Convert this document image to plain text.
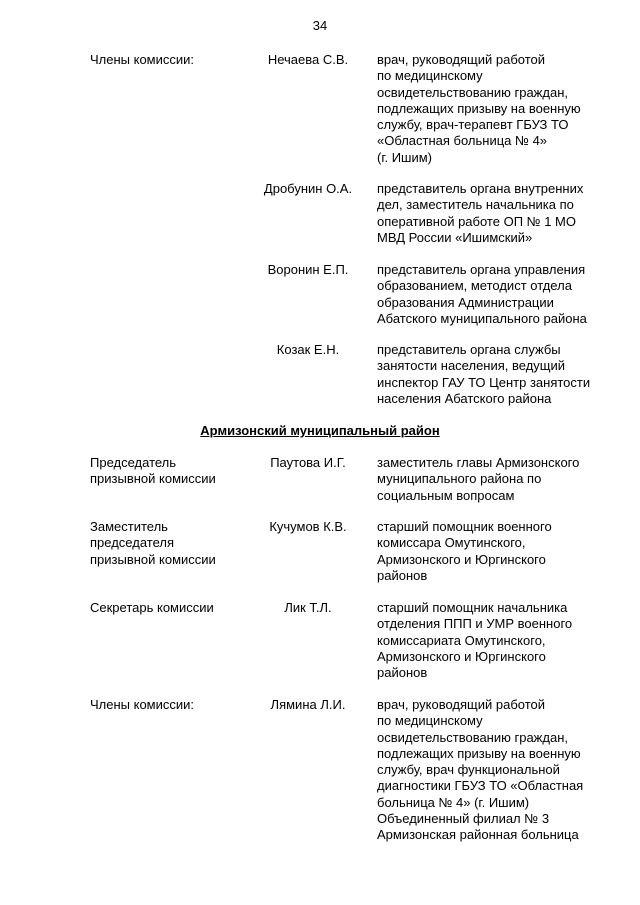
34
Члены комиссии:	Нечаева С.В.	врач, руководящий работой
по медицинскому
освидетельствованию граждан,
подлежащих призыву на военную
службу, врач-терапевт ГБУЗ ТО
«Областная больница № 4»
(г. Ишим)
Дробунин О.А.	представитель органа внутренних
дел, заместитель начальника по
оперативной работе ОП № 1 МО
МВД России «Ишимский»
Воронин Е.П.	представитель органа управления
образованием, методист отдела
образования Администрации
Абатского муниципального района
Козак Е.Н.	представитель органа службы
занятости населения, ведущий
инспектор ГАУ ТО Центр занятости
населения Абатского района
Армизонский муниципальный район
Председатель
призывной комиссии
Паутова И.Г.	заместитель главы Армизонского
муниципального района по
социальным вопросам
Заместитель
председателя
призывной комиссии
Кучумов К.В.	старший помощник военного
комиссара Омутинского,
Армизонского и Юргинского
районов
Секретарь комиссии	Лик Т.Л.	старший помощник начальника
отделения ППП и УМР военного
комиссариата Омутинского,
Армизонского и Юргинского
районов
Члены комиссии:	Лямина Л.И.	врач, руководящий работой
по медицинскому
освидетельствованию граждан,
подлежащих призыву на военную
службу, врач функциональной
диагностики ГБУЗ ТО «Областная
больница № 4» (г. Ишим)
Объединенный филиал № 3
Армизонская районная больница
